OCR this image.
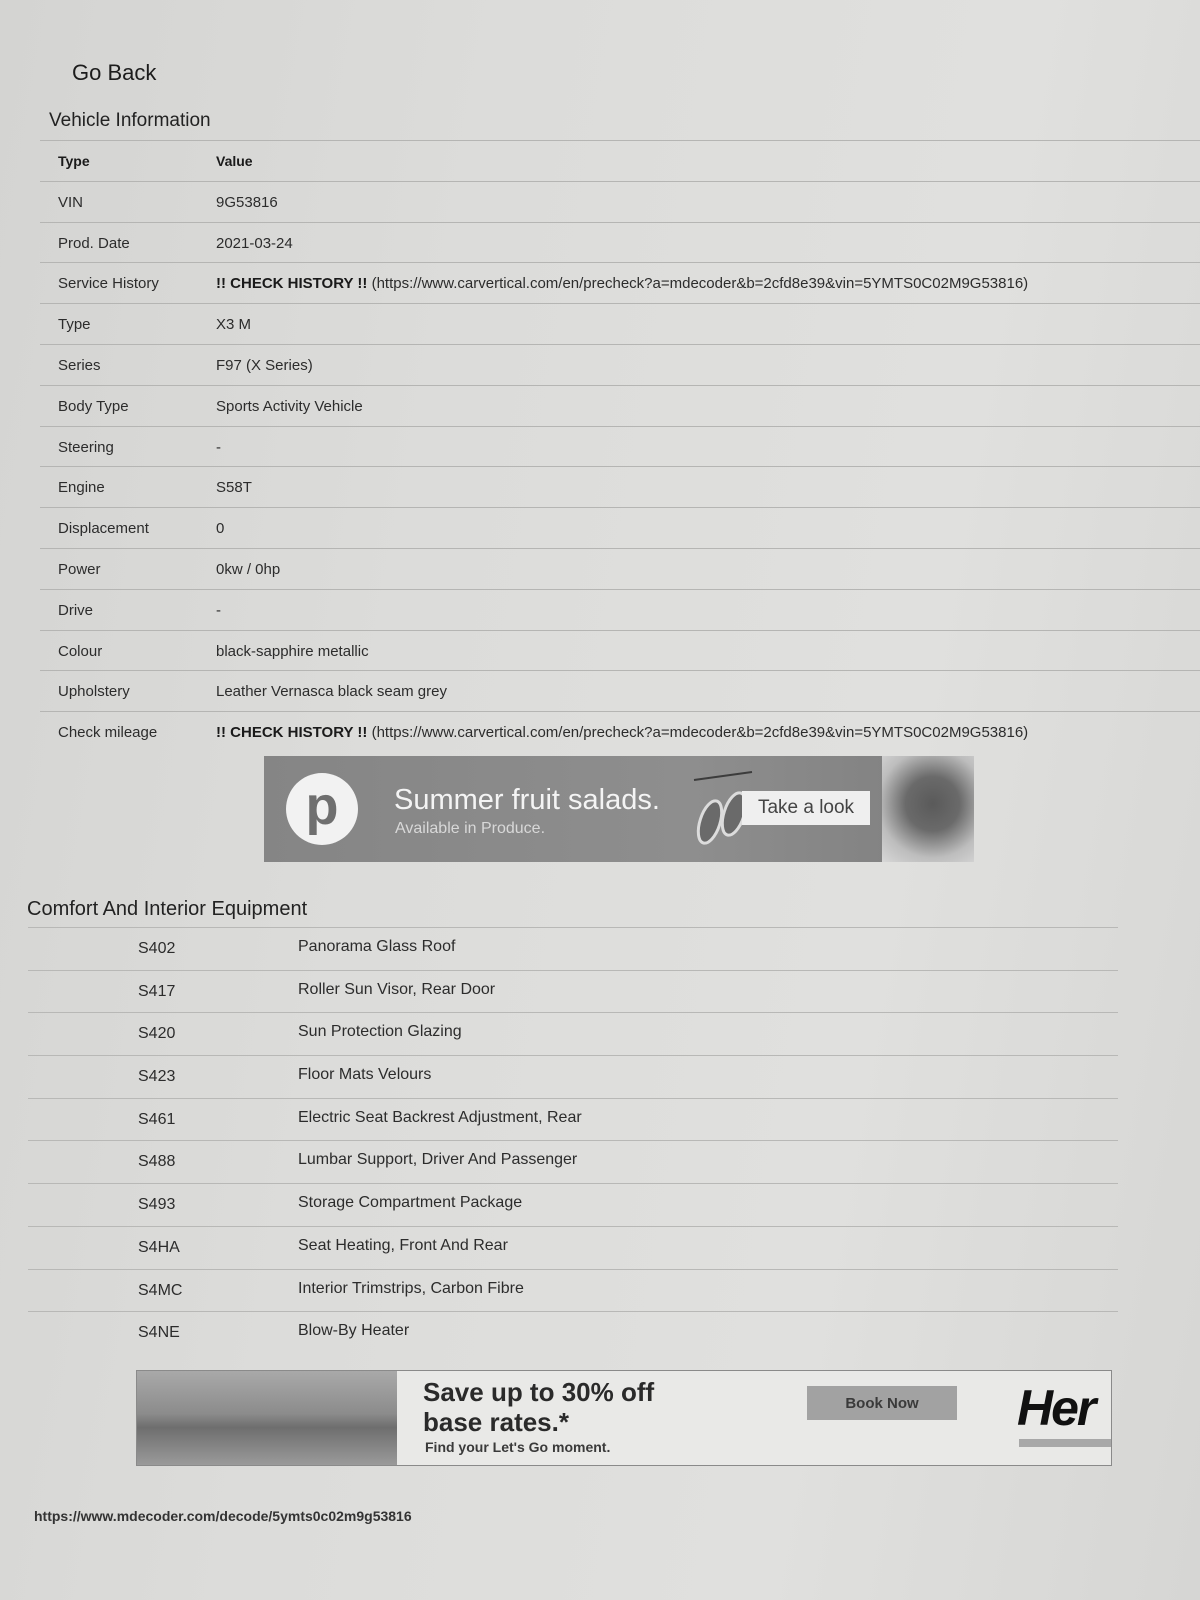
Go Back
Vehicle Information
Type	Value
VIN	9G53816
Prod. Date	2021-03-24
Service History	!! CHECK HISTORY !! (https://www.carvertical.com/en/precheck?a=mdecoder&b=2cfd8e39&vin=5YMTS0C02M9G53816)
Type	X3 M
Series	F97 (X Series)
Body Type	Sports Activity Vehicle
Steering	-
Engine	S58T
Displacement	0
Power	0kw / 0hp
Drive	-
Colour	black-sapphire metallic
Upholstery	Leather Vernasca black seam grey
Check mileage	!! CHECK HISTORY !! (https://www.carvertical.com/en/precheck?a=mdecoder&b=2cfd8e39&vin=5YMTS0C02M9G53816)
p Summer fruit salads.
Available in Produce.
Take a look
Comfort And Interior Equipment
S402	Panorama Glass Roof
S417	Roller Sun Visor, Rear Door
S420	Sun Protection Glazing
S423	Floor Mats Velours
S461	Electric Seat Backrest Adjustment, Rear
S488	Lumbar Support, Driver And Passenger
S493	Storage Compartment Package
S4HA	Seat Heating, Front And Rear
S4MC	Interior Trimstrips, Carbon Fibre
S4NE	Blow-By Heater
Save up to 30% off
base rates.*
Find your Let's Go moment.
Book Now	Her
https://www.mdecoder.com/decode/5ymts0c02m9g53816
